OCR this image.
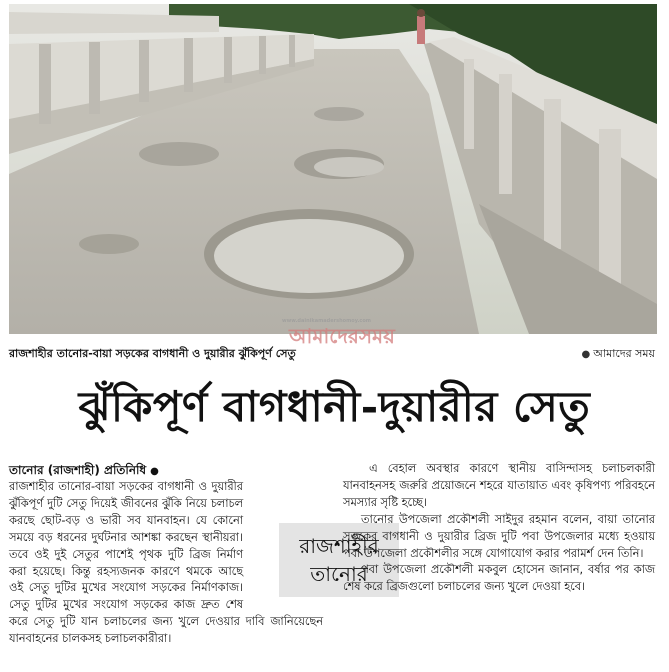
www.dainikamadershomoy.com
আমাদেরসময়
রাজশাহীর তানোর-বায়া সড়কের বাগধানী ও দুয়ারীর ঝুঁকিপূর্ণ সেতু	● আমাদের সময়
ঝুঁকিপূর্ণ বাগধানী-দুয়ারীর সেতু
তানোর (রাজশাহী) প্রতিনিধি ●

রাজশাহীর তানোর-বায়া সড়কের বাগধানী ও দুয়ারীর ঝুঁকিপূর্ণ দুটি সেতু দিয়েই জীবনের ঝুঁকি নিয়ে চলাচল করছে ছোট-বড় ও ভারী সব যানবাহন। যে কোনো সময়ে বড় ধরনের দুর্ঘটনার আশঙ্কা করছেন স্থানীয়রা। তবে ওই দুই সেতুর পাশেই পৃথক দুটি ব্রিজ নির্মাণ করা হয়েছে। কিন্তু রহস্যজনক কারণে থমকে আছে ওই সেতু দুটির মুখের সংযোগ সড়কের নির্মাণকাজ। সেতু দুটির মুখের সংযোগ সড়কের কাজ দ্রুত শেষ করে সেতু দুটি যান চলাচলের জন্য খুলে দেওয়ার দাবি জানিয়েছেন যানবাহনের চালকসহ চলাচলকারীরা।

রাজশাহীর
তানোর

এ বেহাল অবস্থার কারণে স্থানীয় বাসিন্দাসহ চলাচলকারী যানবাহনসহ জরুরি প্রয়োজনে শহরে যাতায়াত এবং কৃষিপণ্য পরিবহনে সমস্যার সৃষ্টি হচ্ছে।

তানোর উপজেলা প্রকৌশলী সাইদুর রহমান বলেন, বায়া তানোর সড়কের বাগধানী ও দুয়ারীর ব্রিজ দুটি পবা উপজেলার মধ্যে হওয়ায় পবা উপজেলা প্রকৌশলীর সঙ্গে যোগাযোগ করার পরামর্শ দেন তিনি।

পবা উপজেলা প্রকৌশলী মকবুল হোসেন জানান, বর্ষার পর কাজ শেষ করে ব্রিজগুলো চলাচলের জন্য খুলে দেওয়া হবে।
